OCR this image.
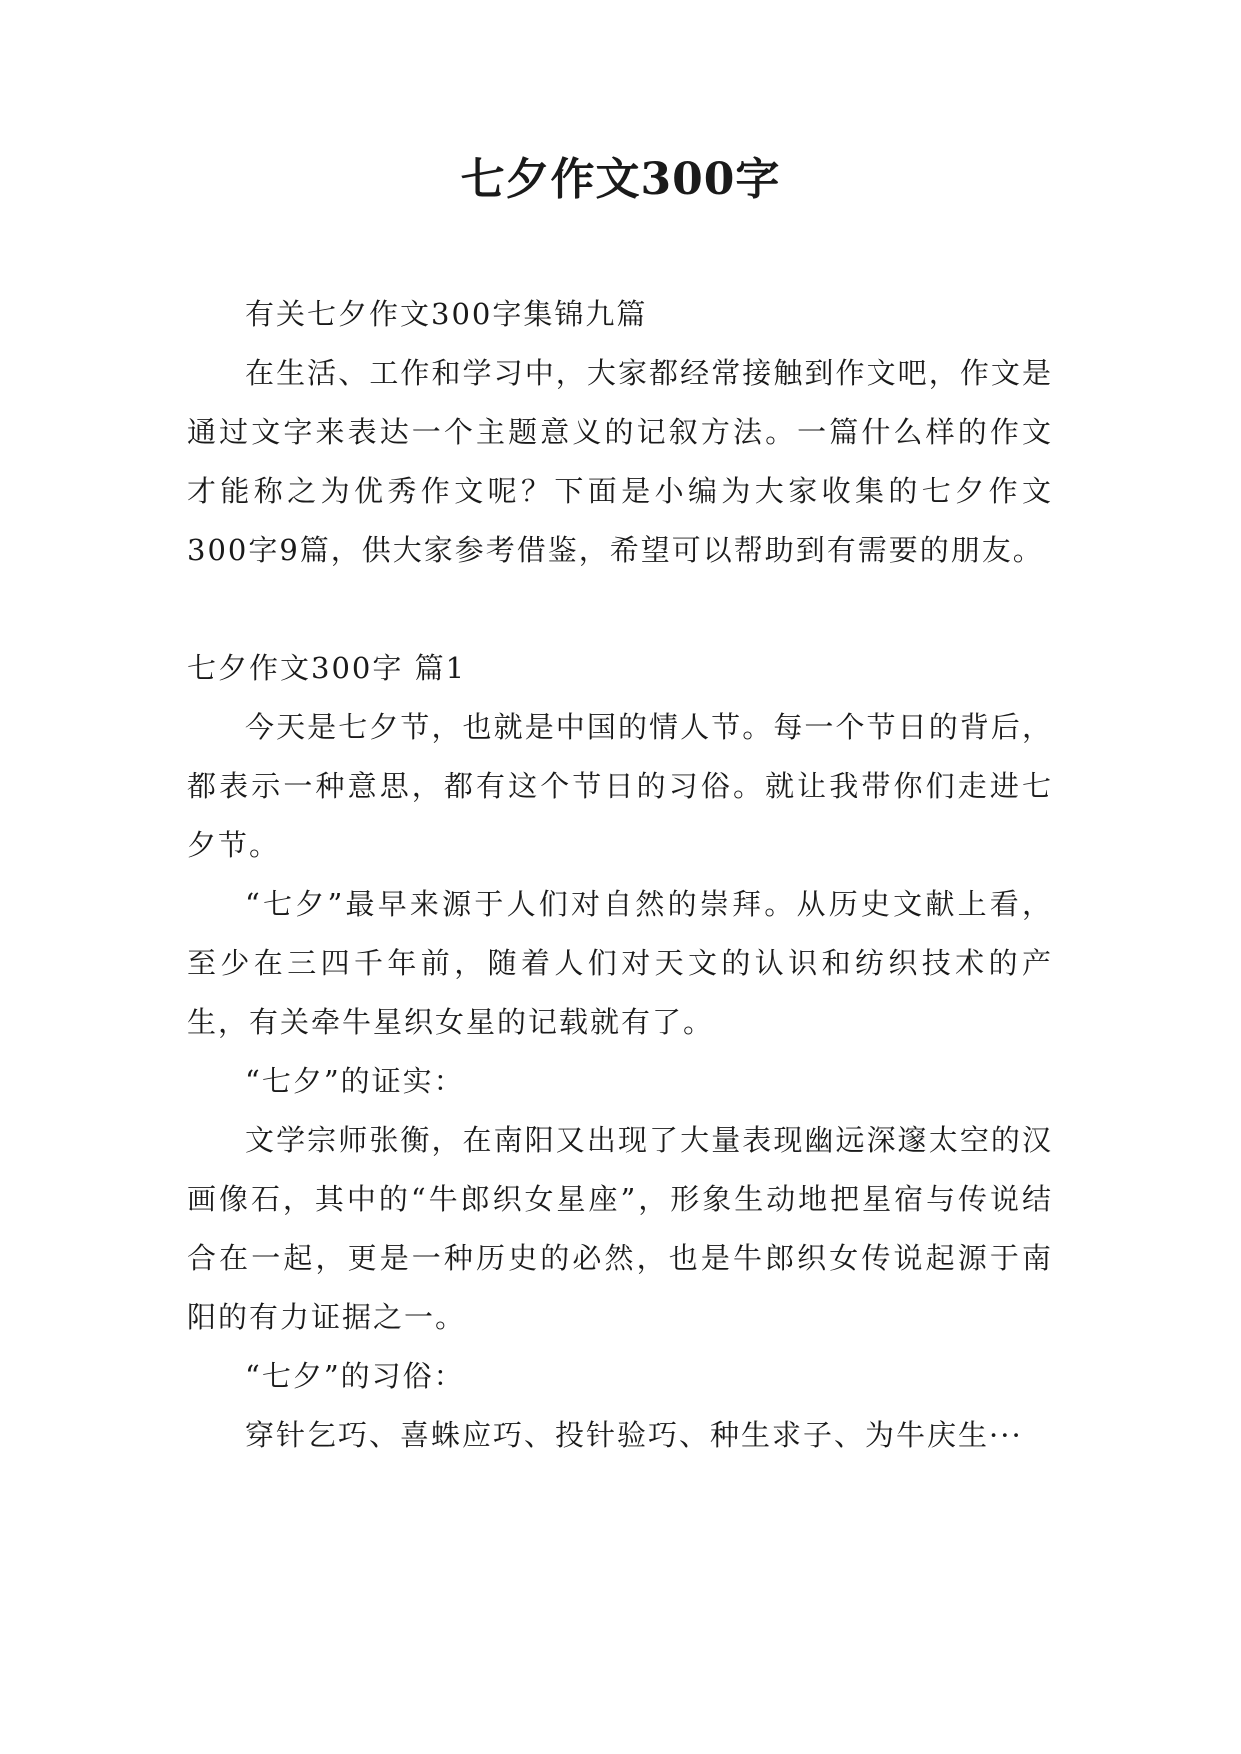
七夕作文300字

有关七夕作文300字集锦九篇

在生活、工作和学习中，大家都经常接触到作文吧，作文是通过文字来表达一个主题意义的记叙方法。一篇什么样的作文才能称之为优秀作文呢？下面是小编为大家收集的七夕作文300字9篇，供大家参考借鉴，希望可以帮助到有需要的朋友。

七夕作文300字 篇1

今天是七夕节，也就是中国的情人节。每一个节日的背后，都表示一种意思，都有这个节日的习俗。就让我带你们走进七夕节。

“七夕”最早来源于人们对自然的崇拜。从历史文献上看，至少在三四千年前，随着人们对天文的认识和纺织技术的产生，有关牵牛星织女星的记载就有了。

“七夕”的证实：

文学宗师张衡，在南阳又出现了大量表现幽远深邃太空的汉画像石，其中的“牛郎织女星座”，形象生动地把星宿与传说结合在一起，更是一种历史的必然，也是牛郎织女传说起源于南阳的有力证据之一。

“七夕”的习俗：

穿针乞巧、喜蛛应巧、投针验巧、种生求子、为牛庆生···
